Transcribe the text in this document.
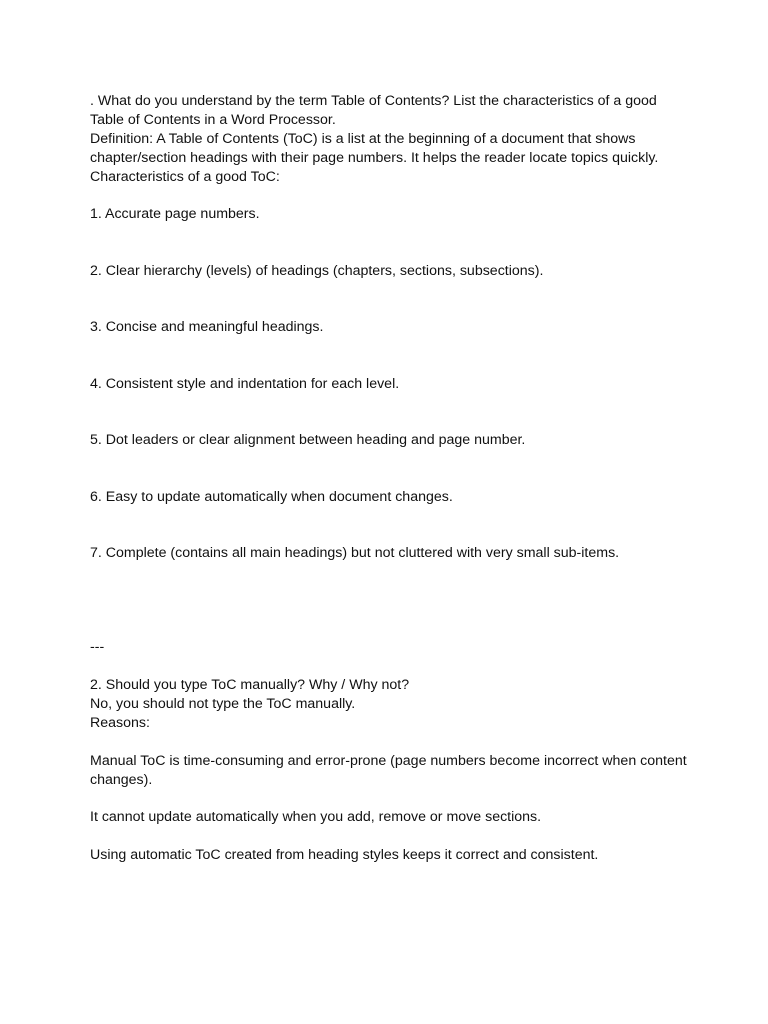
. What do you understand by the term Table of Contents? List the characteristics of a good Table of Contents in a Word Processor.

Definition: A Table of Contents (ToC) is a list at the beginning of a document that shows chapter/section headings with their page numbers. It helps the reader locate topics quickly.

Characteristics of a good ToC:

1. Accurate page numbers.

2. Clear hierarchy (levels) of headings (chapters, sections, subsections).

3. Concise and meaningful headings.

4. Consistent style and indentation for each level.

5. Dot leaders or clear alignment between heading and page number.

6. Easy to update automatically when document changes.

7. Complete (contains all main headings) but not cluttered with very small sub-items.

---

2. Should you type ToC manually? Why / Why not?

No, you should not type the ToC manually.

Reasons:

Manual ToC is time-consuming and error-prone (page numbers become incorrect when content changes).

It cannot update automatically when you add, remove or move sections.

Using automatic ToC created from heading styles keeps it correct and consistent.
